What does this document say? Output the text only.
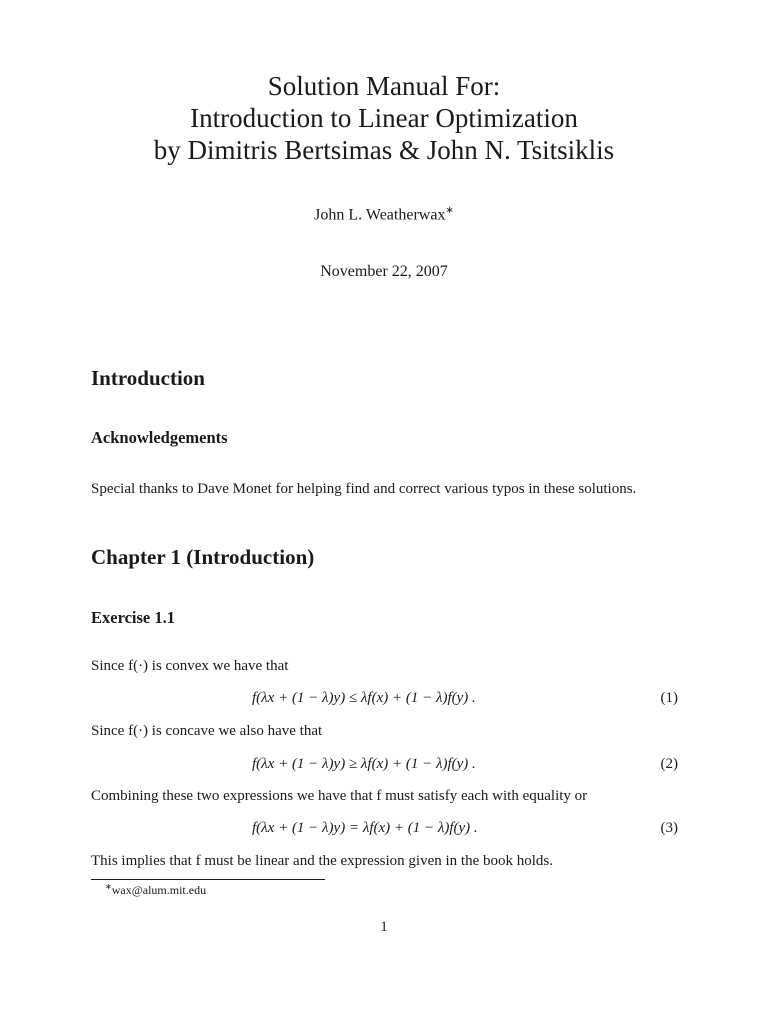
Solution Manual For:
Introduction to Linear Optimization
by Dimitris Bertsimas & John N. Tsitsiklis
John L. Weatherwax∗
November 22, 2007
Introduction
Acknowledgements
Special thanks to Dave Monet for helping find and correct various typos in these solutions.
Chapter 1 (Introduction)
Exercise 1.1
Since f(·) is convex we have that
f(λx + (1 − λ)y) ≤ λf(x) + (1 − λ)f(y) .	(1)
Since f(·) is concave we also have that
f(λx + (1 − λ)y) ≥ λf(x) + (1 − λ)f(y) .	(2)
Combining these two expressions we have that f must satisfy each with equality or
f(λx + (1 − λ)y) = λf(x) + (1 − λ)f(y) .	(3)
This implies that f must be linear and the expression given in the book holds.
∗wax@alum.mit.edu
1
